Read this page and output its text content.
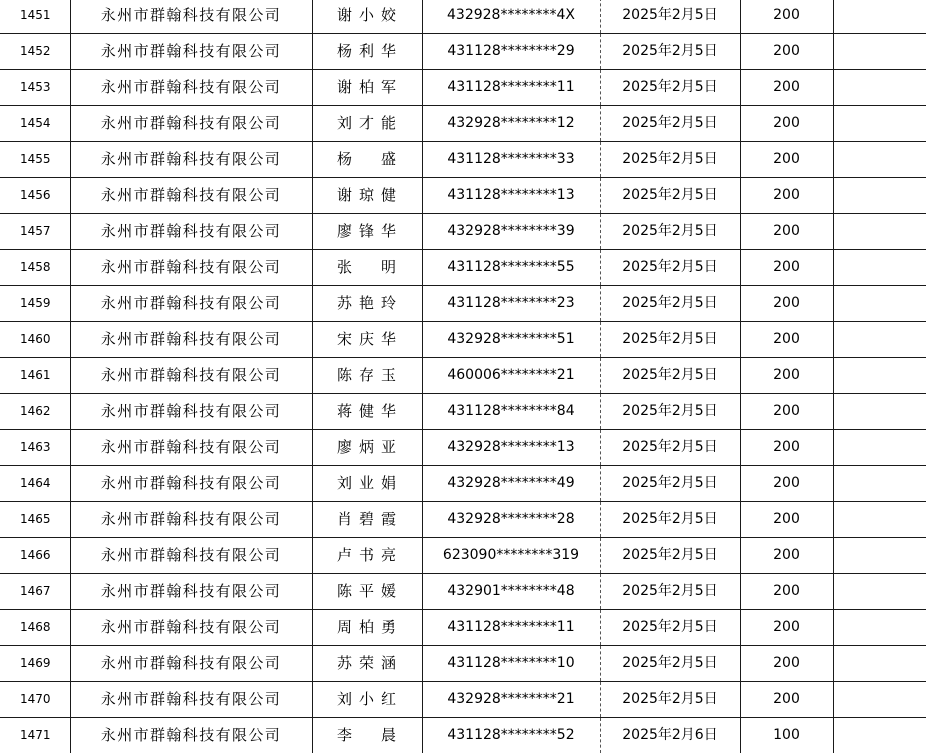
1451	永州市群翰科技有限公司	谢小姣	432928********4X	2025年2月5日	200	
1452	永州市群翰科技有限公司	杨利华	431128********29	2025年2月5日	200	
1453	永州市群翰科技有限公司	谢柏军	431128********11	2025年2月5日	200	
1454	永州市群翰科技有限公司	刘才能	432928********12	2025年2月5日	200	
1455	永州市群翰科技有限公司	杨　盛	431128********33	2025年2月5日	200	
1456	永州市群翰科技有限公司	谢琼健	431128********13	2025年2月5日	200	
1457	永州市群翰科技有限公司	廖锋华	432928********39	2025年2月5日	200	
1458	永州市群翰科技有限公司	张　明	431128********55	2025年2月5日	200	
1459	永州市群翰科技有限公司	苏艳玲	431128********23	2025年2月5日	200	
1460	永州市群翰科技有限公司	宋庆华	432928********51	2025年2月5日	200	
1461	永州市群翰科技有限公司	陈存玉	460006********21	2025年2月5日	200	
1462	永州市群翰科技有限公司	蒋健华	431128********84	2025年2月5日	200	
1463	永州市群翰科技有限公司	廖炳亚	432928********13	2025年2月5日	200	
1464	永州市群翰科技有限公司	刘业娟	432928********49	2025年2月5日	200	
1465	永州市群翰科技有限公司	肖碧霞	432928********28	2025年2月5日	200	
1466	永州市群翰科技有限公司	卢书亮	623090********319	2025年2月5日	200	
1467	永州市群翰科技有限公司	陈平媛	432901********48	2025年2月5日	200	
1468	永州市群翰科技有限公司	周柏勇	431128********11	2025年2月5日	200	
1469	永州市群翰科技有限公司	苏荣涵	431128********10	2025年2月5日	200	
1470	永州市群翰科技有限公司	刘小红	432928********21	2025年2月5日	200	
1471	永州市群翰科技有限公司	李　晨	431128********52	2025年2月6日	100	
